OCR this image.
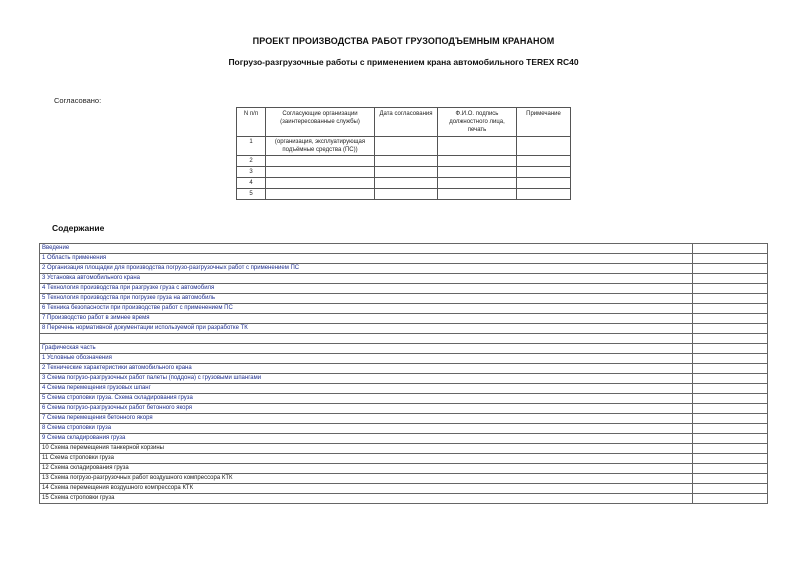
ПРОЕКТ ПРОИЗВОДСТВА РАБОТ ГРУЗОПОДЪЕМНЫМ КРАНАНОМ
Погрузо-разгрузочные работы с применением крана автомобильного TEREX RC40
Согласовано:
N п/п	Согласующие организации (заинтересованные службы)	Дата согласования	Ф.И.О. подпись должностного лица, печать	Примечание
1	(организация, эксплуатирующая подъёмные средства (ПС))			
2				
3				
4				
5				
Содержание
Введение	
1 Область применения	
2 Организация площадки для производства погрузо-разгрузочных работ с применением ПС	
3 Установка автомобильного крана	
4 Технология производства при разгрузке груза с автомобиля	
5 Технология производства при погрузке груза на автомобиль	
6 Техника безопасности при производстве работ с применением ПС	
7 Производство работ в зимнее время	
8 Перечень нормативной документации используемой при разработке ТК	

Графическая часть	
1 Условные обозначения	
2 Технические характеристики автомобильного крана	
3 Схема погрузо-разгрузочных работ палеты (поддона) с грузовыми шпангами	
4 Схема перемещения грузовых шпанг	
5 Схема строповки груза. Схема складирования груза	
6 Схема погрузо-разгрузочных работ бетонного якоря	
7 Схема перемещения бетонного якоря	
8 Схема строповки груза	
9 Схема складирования груза	
10 Схема перемещения танкерной корзины	
11 Схема строповки груза	
12 Схема складирования груза	
13 Схема погрузо-разгрузочных работ воздушного компрессора КТК	
14 Схема перемещения воздушного компрессора КТК	
15 Схема строповки груза	
